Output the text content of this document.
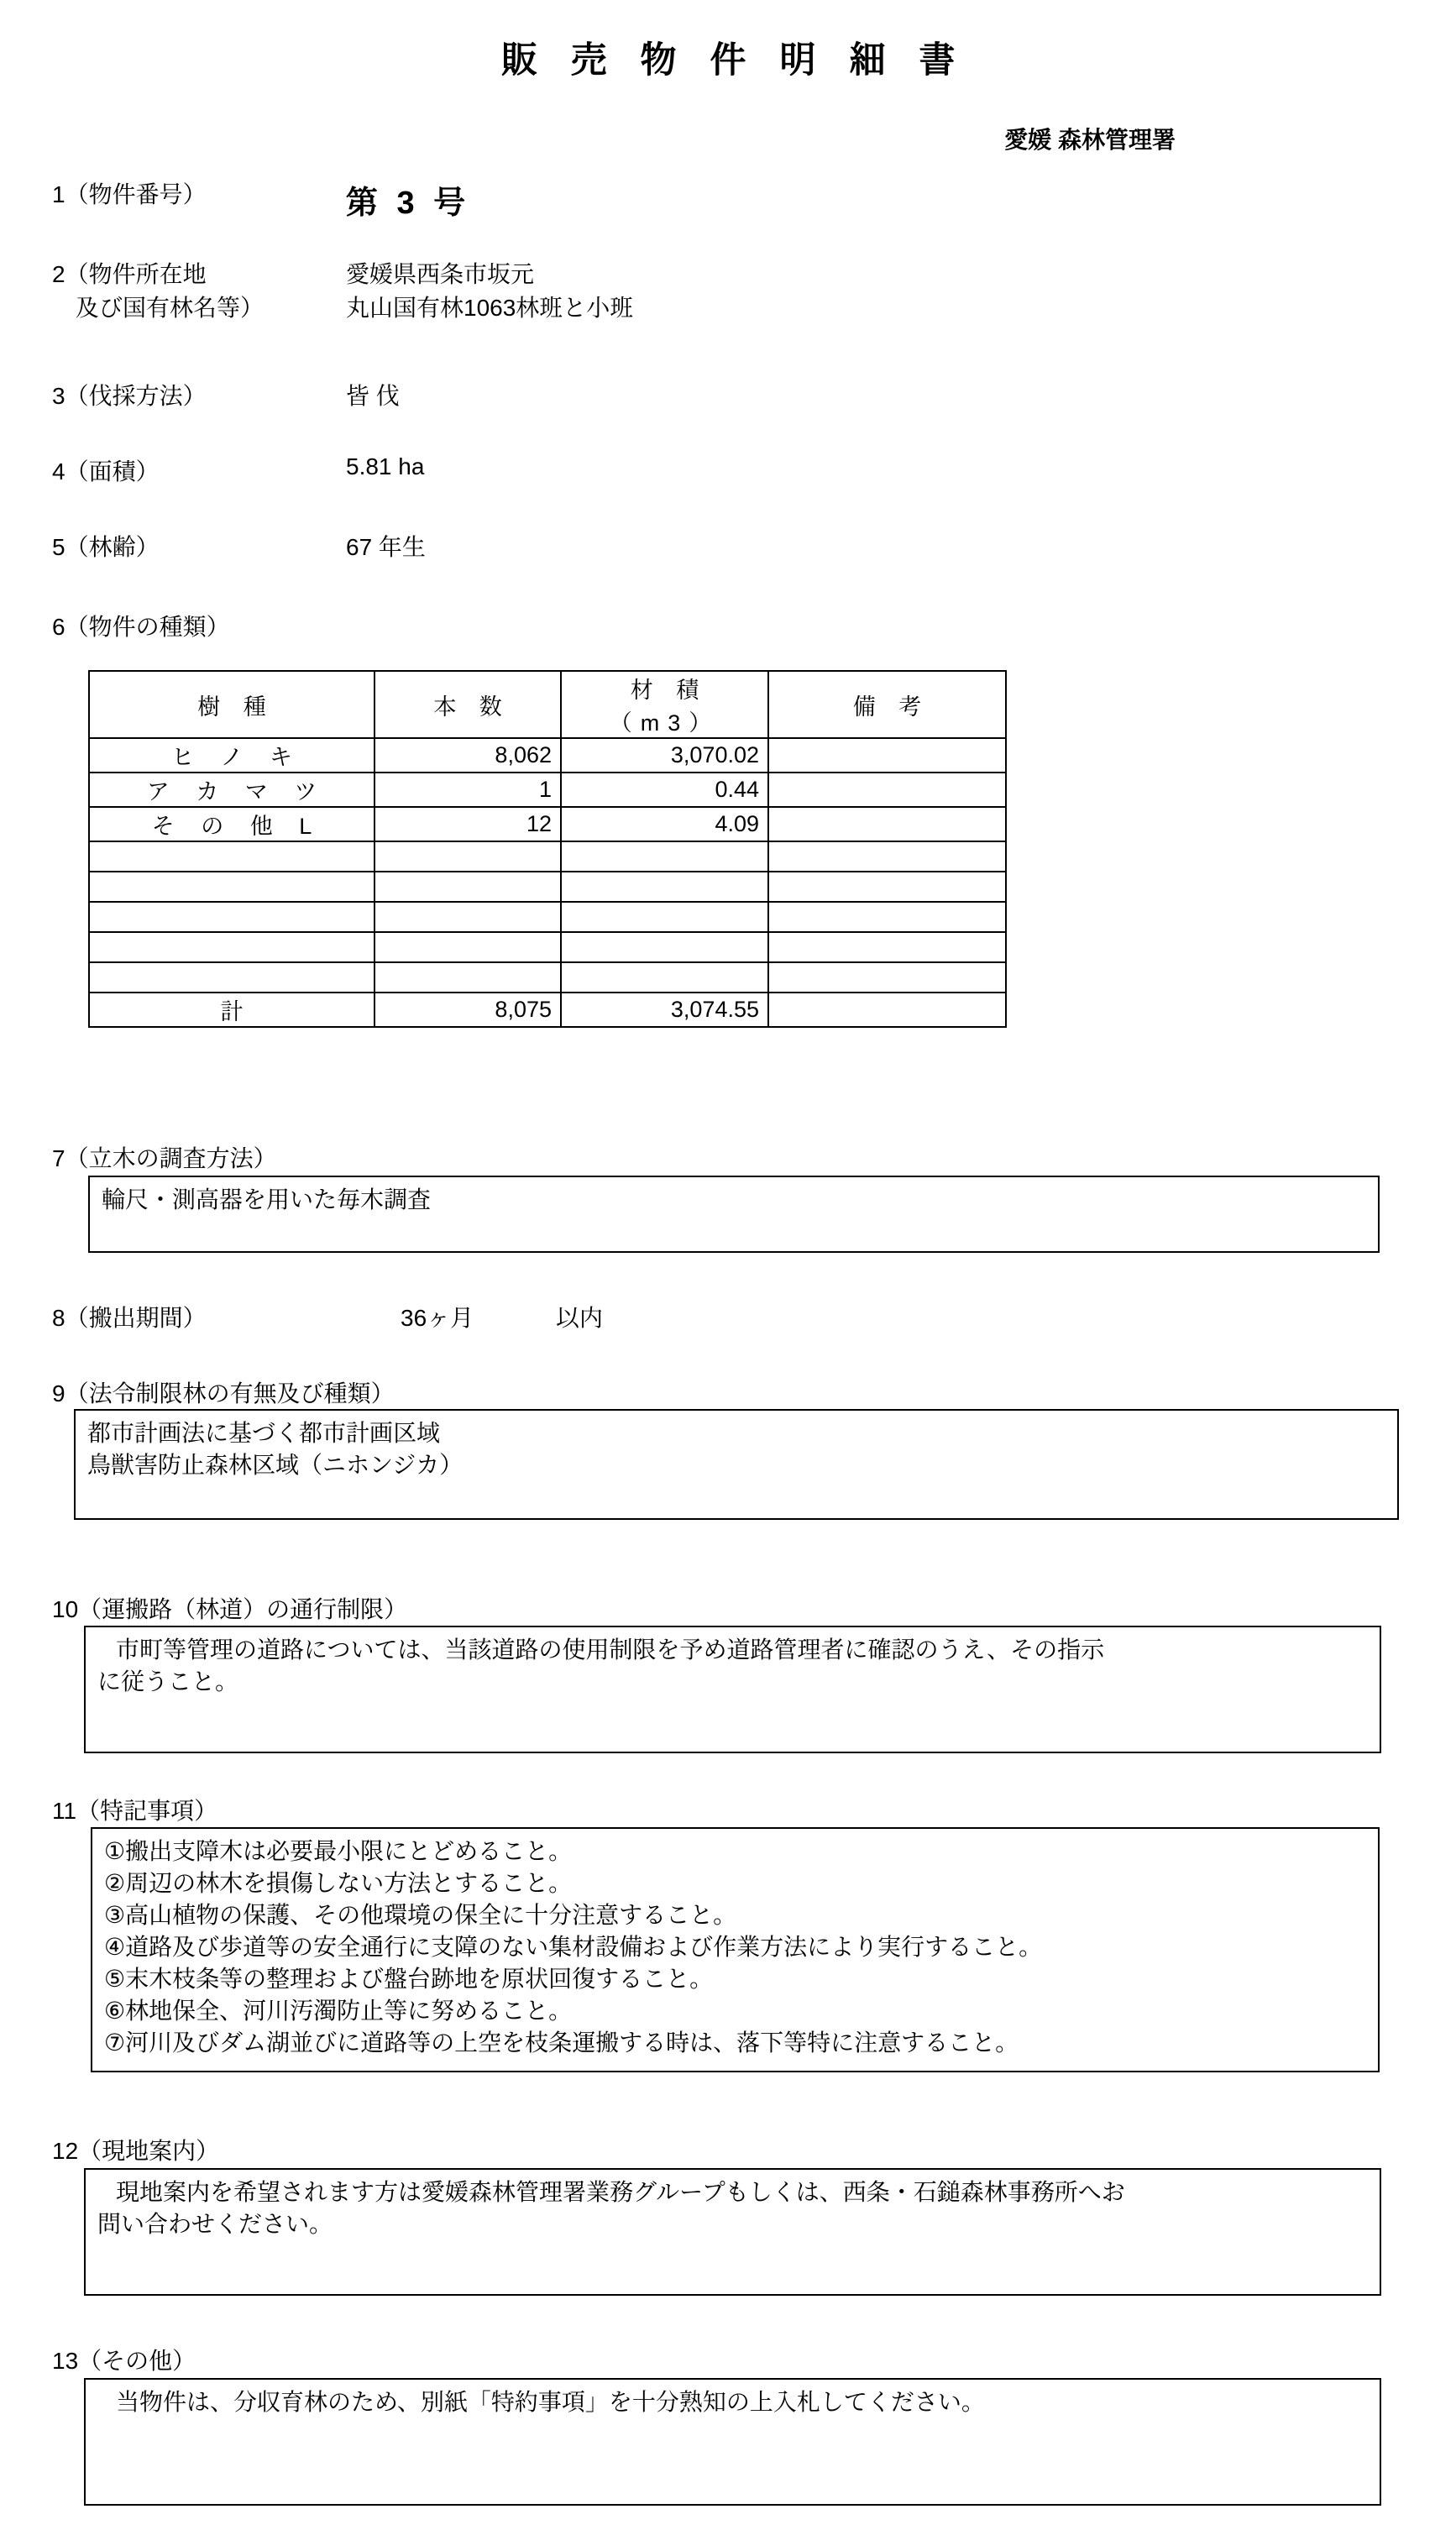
販 売 物 件 明 細 書
愛媛 森林管理署
1（物件番号）	第 3 号
2（物件所在地
及び国有林名等）
愛媛県西条市坂元
丸山国有林1063林班と小班
3（伐採方法）	皆 伐
4（面積）	5.81 ha
5（林齢）	67 年生
6（物件の種類）
樹 種	本 数	材 積 （m3）	備 考
ヒ ノ キ	8,062	3,070.02	
ア カ マ ツ	1	0.44	
そ の 他 L	12	4.09	

計	8,075	3,074.55	
7（立木の調査方法）
輪尺・測高器を用いた毎木調査
8（搬出期間）	36ヶ月	以内
9（法令制限林の有無及び種類）
都市計画法に基づく都市計画区域
鳥獣害防止森林区域（ニホンジカ）
10（運搬路（林道）の通行制限）
市町等管理の道路については、当該道路の使用制限を予め道路管理者に確認のうえ、その指示
に従うこと。
11（特記事項）
①搬出支障木は必要最小限にとどめること。
②周辺の林木を損傷しない方法とすること。
③高山植物の保護、その他環境の保全に十分注意すること。
④道路及び歩道等の安全通行に支障のない集材設備および作業方法により実行すること。
⑤末木枝条等の整理および盤台跡地を原状回復すること。
⑥林地保全、河川汚濁防止等に努めること。
⑦河川及びダム湖並びに道路等の上空を枝条運搬する時は、落下等特に注意すること。
12（現地案内）
現地案内を希望されます方は愛媛森林管理署業務グループもしくは、西条・石鎚森林事務所へお
問い合わせください。
13（その他）
当物件は、分収育林のため、別紙「特約事項」を十分熟知の上入札してください。
